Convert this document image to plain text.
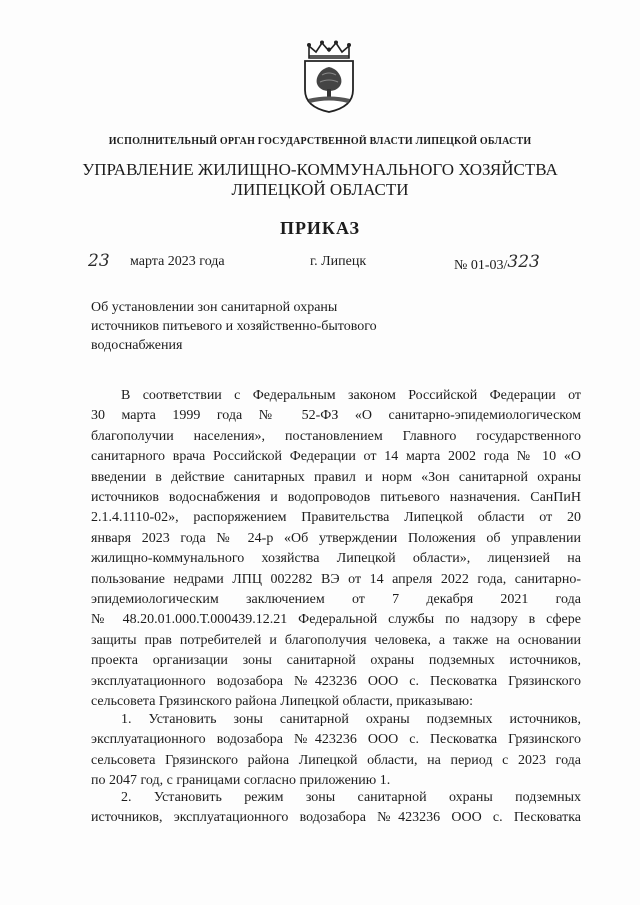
ИСПОЛНИТЕЛЬНЫЙ ОРГАН ГОСУДАРСТВЕННОЙ ВЛАСТИ ЛИПЕЦКОЙ ОБЛАСТИ
УПРАВЛЕНИЕ ЖИЛИЩНО-КОММУНАЛЬНОГО ХОЗЯЙСТВА
ЛИПЕЦКОЙ ОБЛАСТИ
ПРИКАЗ
23 марта 2023 года	г. Липецк	№ 01-03/323
Об установлении зон санитарной охраны
источников питьевого и хозяйственно-бытового
водоснабжения
В соответствии с Федеральным законом Российской Федерации от
30 марта 1999 года № 52-ФЗ «О санитарно-эпидемиологическом
благополучии населения», постановлением Главного государственного
санитарного врача Российской Федерации от 14 марта 2002 года № 10 «О
введении в действие санитарных правил и норм «Зон санитарной охраны
источников водоснабжения и водопроводов питьевого назначения. СанПиН
2.1.4.1110-02», распоряжением Правительства Липецкой области от 20
января 2023 года № 24-р «Об утверждении Положения об управлении
жилищно-коммунального хозяйства Липецкой области», лицензией на
пользование недрами ЛПЦ 002282 ВЭ от 14 апреля 2022 года, санитарно-
эпидемиологическим заключением от 7 декабря 2021 года
№ 48.20.01.000.Т.000439.12.21 Федеральной службы по надзору в сфере
защиты прав потребителей и благополучия человека, а также на основании
проекта организации зоны санитарной охраны подземных источников,
эксплуатационного водозабора №423236 ООО с. Песковатка Грязинского
сельсовета Грязинского района Липецкой области, приказываю:
1. Установить зоны санитарной охраны подземных источников,
эксплуатационного водозабора №423236 ООО с. Песковатка Грязинского
сельсовета Грязинского района Липецкой области, на период с 2023 года
по 2047 год, с границами согласно приложению 1.
2. Установить режим зоны санитарной охраны подземных
источников, эксплуатационного водозабора №423236 ООО с. Песковатка
